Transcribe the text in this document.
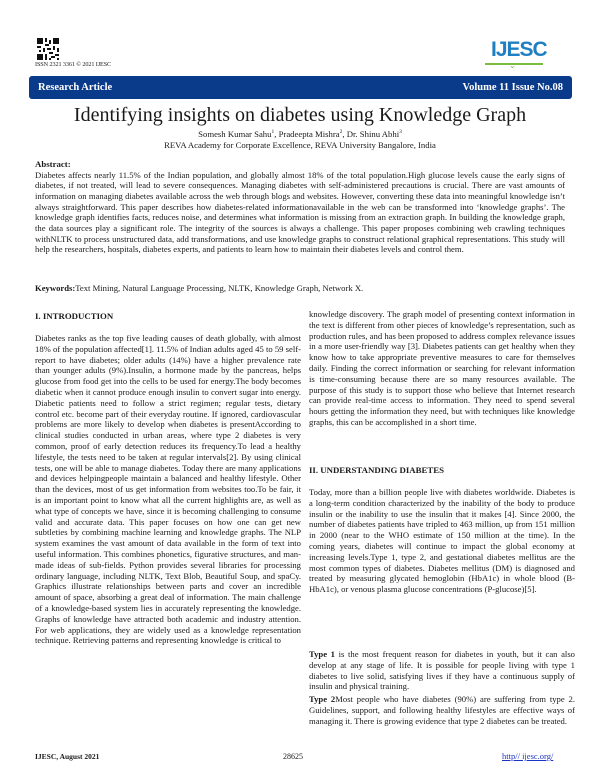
ISSN 2321 3361 © 2021 IJESC
IJESC
⌄
Research Article	Volume 11 Issue No.08
Identifying insights on diabetes using Knowledge Graph
Somesh Kumar Sahu$^1$, Pradeepta Mishra$^2$, Dr. Shinu Abhi$^3$
REVA Academy for Corporate Excellence, REVA University Bangalore, India
Abstract:
Diabetes affects nearly 11.5% of the Indian population, and globally almost 18% of the total population.High glucose levels cause the early signs of diabetes, if not treated, will lead to severe consequences. Managing diabetes with self-administered precautions is crucial. There are vast amounts of information on managing diabetes available across the web through blogs and websites. However, converting these data into meaningful knowledge isn’t always straightforward. This paper describes how diabetes-related informationavailable in the web can be transformed into ‘knowledge graphs’. The knowledge graph identifies facts, reduces noise, and determines what information is missing from an extraction graph. In building the knowledge graph, the data sources play a significant role. The integrity of the sources is always a challenge. This paper proposes combining web crawling techniques withNLTK to process unstructured data, add transformations, and use knowledge graphs to construct relational graphical representations. This study will help the researchers, hospitals, diabetes experts, and patients to learn how to maintain their diabetes levels and control them.
Keywords:Text Mining, Natural Language Processing, NLTK, Knowledge Graph, Network X.
I. INTRODUCTION
Diabetes ranks as the top five leading causes of death globally, with almost 18% of the population affected[1]. 11.5% of Indian adults aged 45 to 59 self-report to have diabetes; older adults (14%) have a higher prevalence rate than younger adults (9%).Insulin, a hormone made by the pancreas, helps glucose from food get into the cells to be used for energy.The body becomes diabetic when it cannot produce enough insulin to convert sugar into energy. Diabetic patients need to follow a strict regimen; regular tests, dietary control etc. become part of their everyday routine. If ignored, cardiovascular problems are more likely to develop when diabetes is presentAccording to clinical studies conducted in urban areas, where type 2 diabetes is very common, proof of early detection reduces its frequency.To lead a healthy lifestyle, the tests need to be taken at regular intervals[2]. By using clinical tests, one will be able to manage diabetes. Today there are many applications and devices helpingpeople maintain a balanced and healthy lifestyle. Other than the devices, most of us get information from websites too.To be fair, it is an important point to know what all the current highlights are, as well as what type of concepts we have, since it is becoming challenging to consume valid and accurate data. This paper focuses on how one can get new subtleties by combining machine learning and knowledge graphs. The NLP system examines the vast amount of data available in the form of text into useful information. This combines phonetics, figurative structures, and man-made ideas of sub-fields. Python provides several libraries for processing ordinary language, including NLTK, Text Blob, Beautiful Soup, and spaCy. Graphics illustrate relationships between parts and cover an incredible amount of space, absorbing a great deal of information. The main challenge of a knowledge-based system lies in accurately representing the knowledge. Graphs of knowledge have attracted both academic and industry attention. For web applications, they are widely used as a knowledge representation technique. Retrieving patterns and representing knowledge is critical to
knowledge discovery. The graph model of presenting context information in the text is different from other pieces of knowledge’s representation, such as production rules, and has been proposed to address complex relevance issues in a more user-friendly way [3]. Diabetes patients can get healthy when they know how to take appropriate preventive measures to care for themselves daily. Finding the correct information or searching for relevant information is time-consuming because there are so many resources available. The purpose of this study is to support those who believe that Internet research can provide real-time access to information. They need to spend several hours getting the information they need, but with techniques like knowledge graphs, this can be accomplished in a short time.
II. UNDERSTANDING DIABETES
Today, more than a billion people live with diabetes worldwide. Diabetes is a long-term condition characterized by the inability of the body to produce insulin or the inability to use the insulin that it makes [4]. Since 2000, the number of diabetes patients have tripled to 463 million, up from 151 million in 2000 (near to the WHO estimate of 150 million at the time). In the coming years, diabetes will continue to impact the global economy at increasing levels.Type 1, type 2, and gestational diabetes mellitus are the most common types of diabetes. Diabetes mellitus (DM) is diagnosed and treated by measuring glycated hemoglobin (HbA1c) in whole blood (B-HbA1c), or venous plasma glucose concentrations (P-glucose)[5].
Type 1 is the most frequent reason for diabetes in youth, but it can also develop at any stage of life. It is possible for people living with type 1 diabetes to live solid, satisfying lives if they have a continuous supply of insulin and physical training.
Type 2Most people who have diabetes (90%) are suffering from type 2. Guidelines, support, and following healthy lifestyles are effective ways of managing it. There is growing evidence that type 2 diabetes can be treated.
IJESC, August 2021	28625	http// ijesc.org/
